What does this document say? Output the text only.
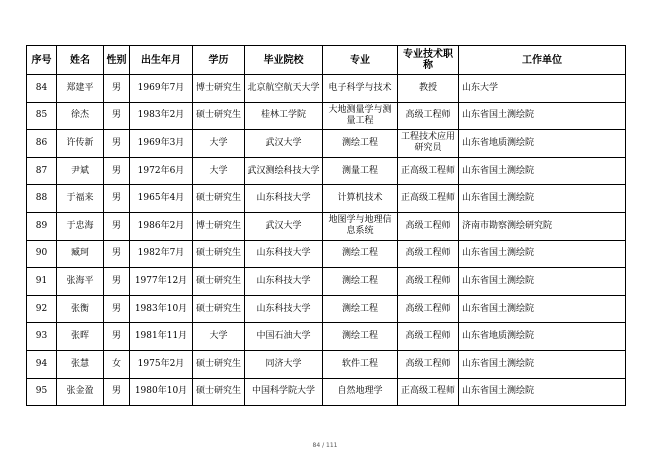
序号	姓名	性别	出生年月	学历	毕业院校	专业	专业技术职称	工作单位
84	郑建平	男	1969年7月	博士研究生	北京航空航天大学	电子科学与技术	教授	山东大学
85	徐杰	男	1983年2月	硕士研究生	桂林工学院	大地测量学与测量工程	高级工程师	山东省国土测绘院
86	许传新	男	1969年3月	大学	武汉大学	测绘工程	工程技术应用研究员	山东省地质测绘院
87	尹斌	男	1972年6月	大学	武汉测绘科技大学	测量工程	正高级工程师	山东省国土测绘院
88	于福来	男	1965年4月	硕士研究生	山东科技大学	计算机技术	正高级工程师	山东省国土测绘院
89	于忠海	男	1986年2月	博士研究生	武汉大学	地图学与地理信息系统	高级工程师	济南市勘察测绘研究院
90	臧珂	男	1982年7月	硕士研究生	山东科技大学	测绘工程	高级工程师	山东省国土测绘院
91	张海平	男	1977年12月	硕士研究生	山东科技大学	测绘工程	高级工程师	山东省国土测绘院
92	张衡	男	1983年10月	硕士研究生	山东科技大学	测绘工程	高级工程师	山东省国土测绘院
93	张晖	男	1981年11月	大学	中国石油大学	测绘工程	高级工程师	山东省地质测绘院
94	张慧	女	1975年2月	硕士研究生	同济大学	软件工程	高级工程师	山东省国土测绘院
95	张金盈	男	1980年10月	硕士研究生	中国科学院大学	自然地理学	正高级工程师	山东省国土测绘院
84 / 111
